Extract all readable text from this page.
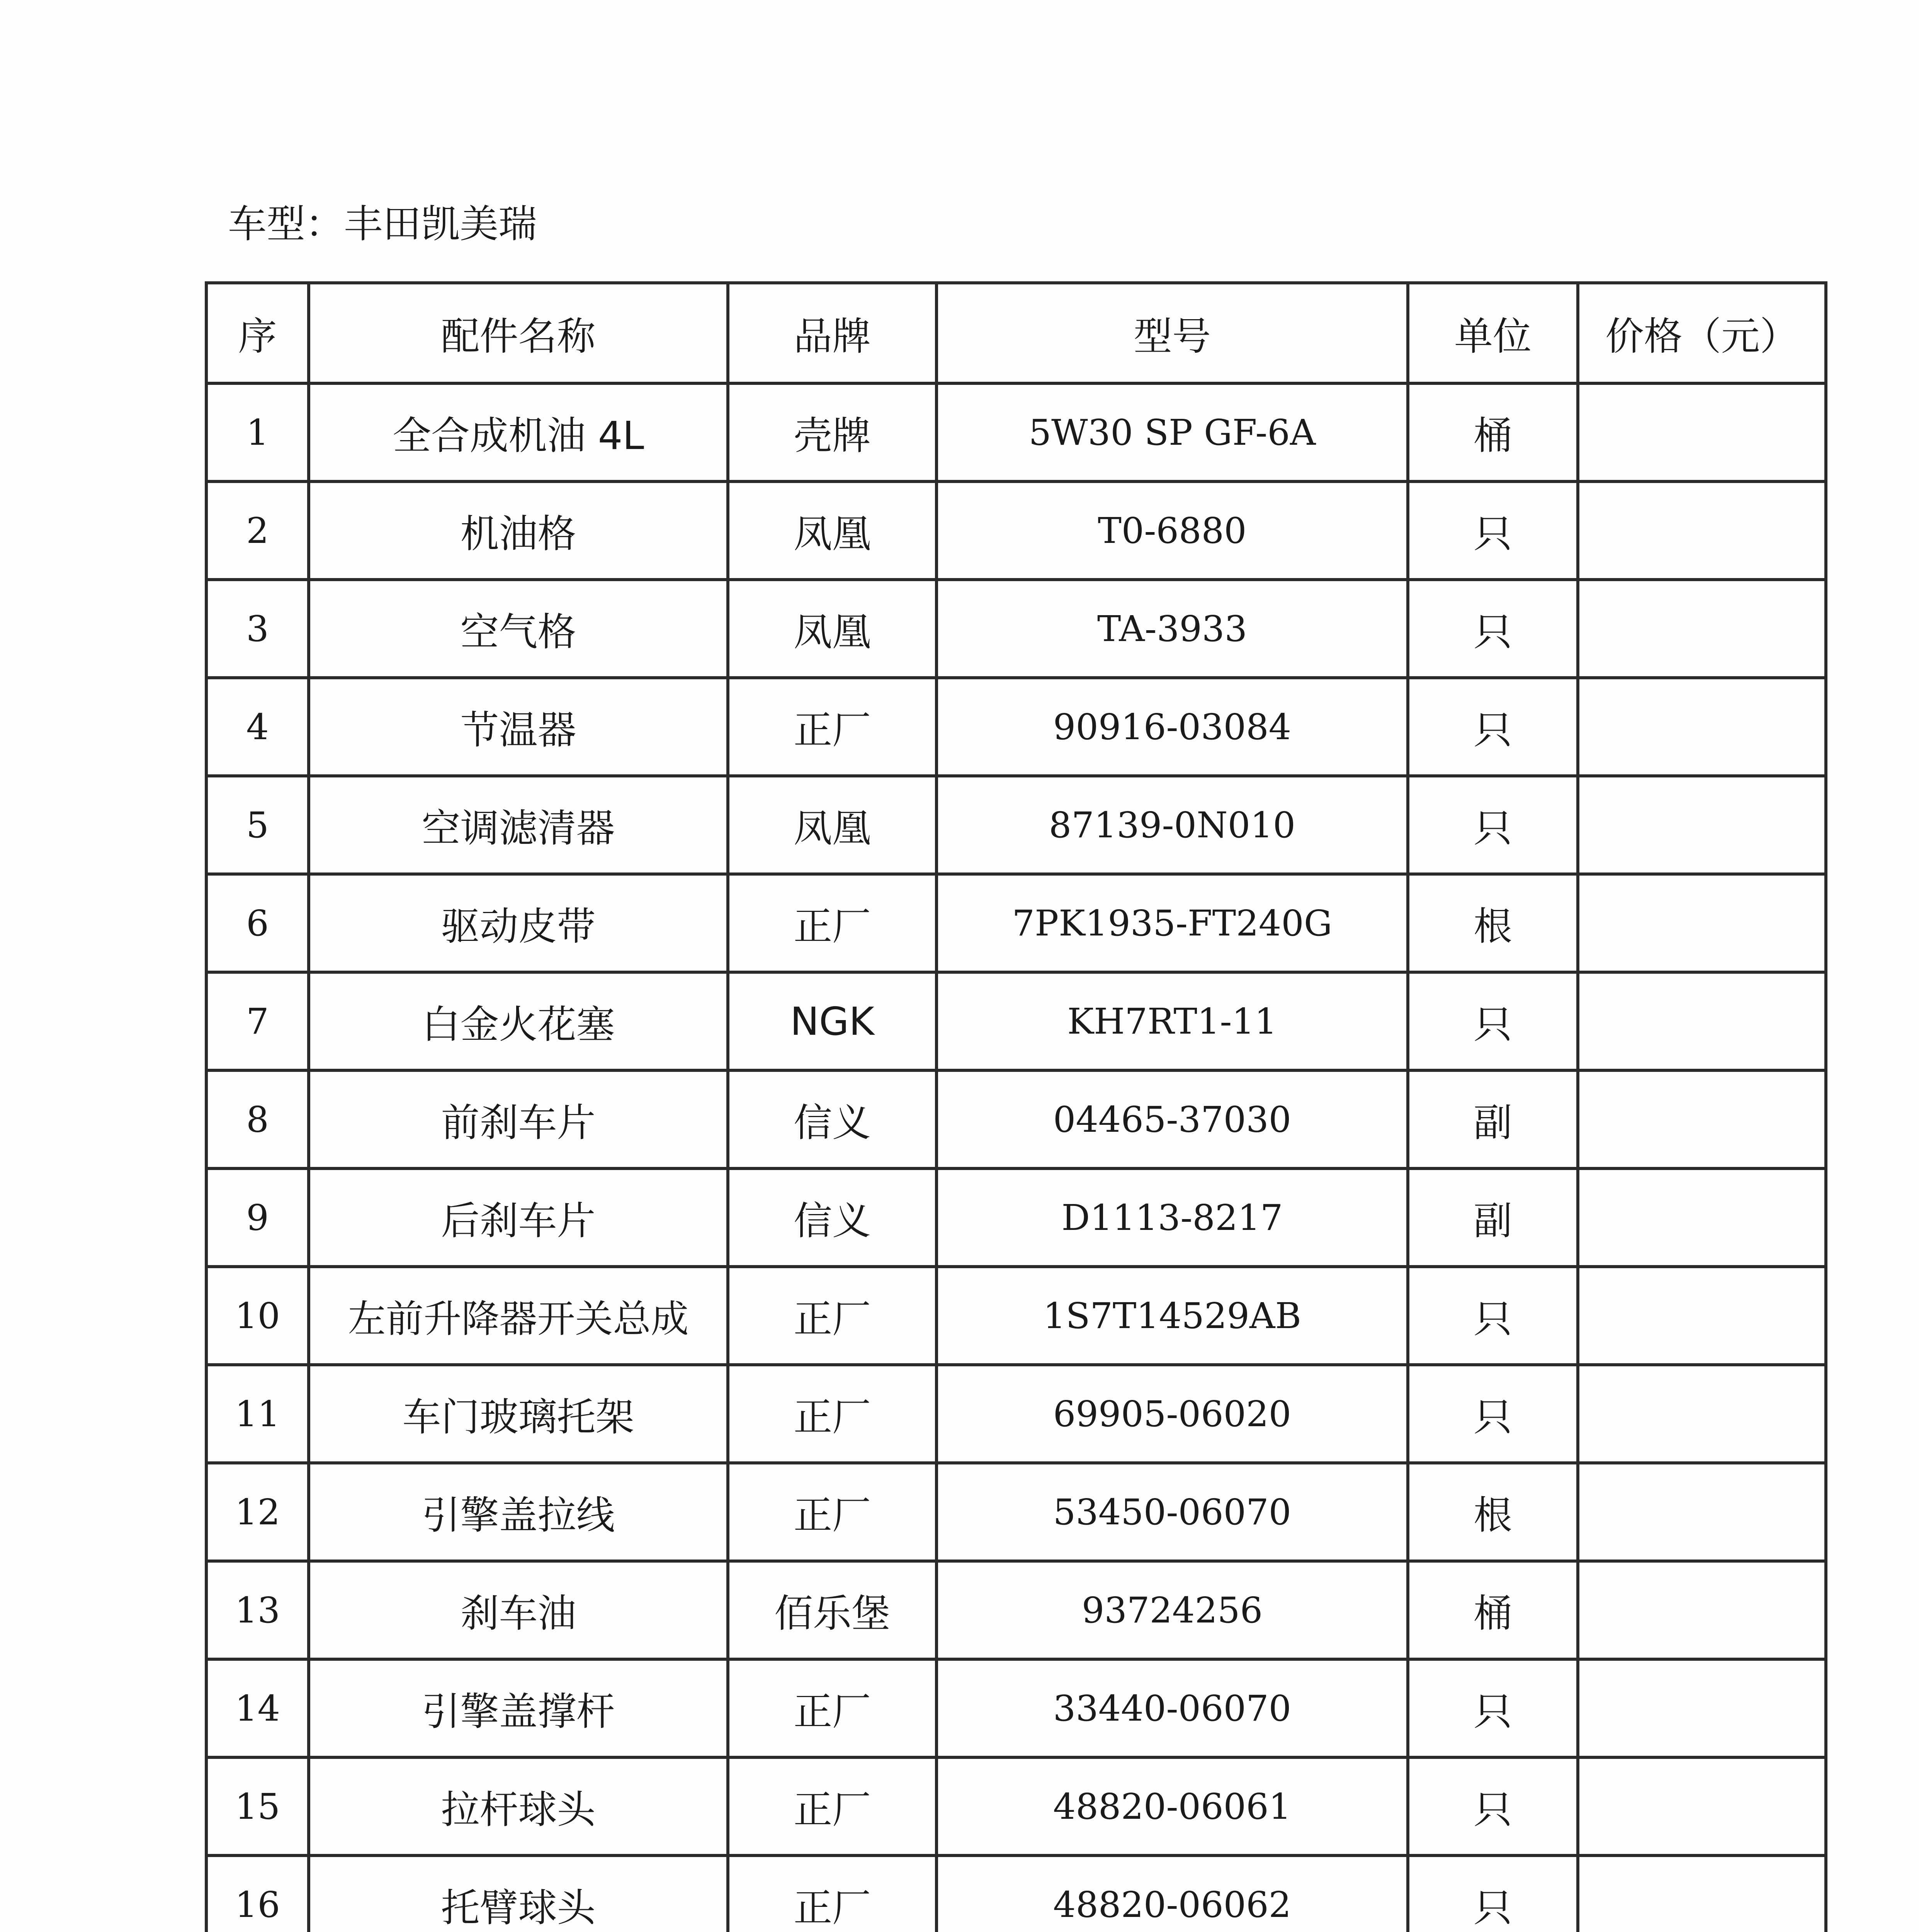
车型：丰田凯美瑞
序	配件名称	品牌	型号	单位	价格（元）
1	全合成机油 4L	壳牌	5W30 SP GF-6A	桶	
2	机油格	凤凰	T0-6880	只	
3	空气格	凤凰	TA-3933	只	
4	节温器	正厂	90916-03084	只	
5	空调滤清器	凤凰	87139-0N010	只	
6	驱动皮带	正厂	7PK1935-FT240G	根	
7	白金火花塞	NGK	KH7RT1-11	只	
8	前刹车片	信义	04465-37030	副	
9	后刹车片	信义	D1113-8217	副	
10	左前升降器开关总成	正厂	1S7T14529AB	只	
11	车门玻璃托架	正厂	69905-06020	只	
12	引擎盖拉线	正厂	53450-06070	根	
13	刹车油	佰乐堡	93724256	桶	
14	引擎盖撑杆	正厂	33440-06070	只	
15	拉杆球头	正厂	48820-06061	只	
16	托臂球头	正厂	48820-06062	只	
